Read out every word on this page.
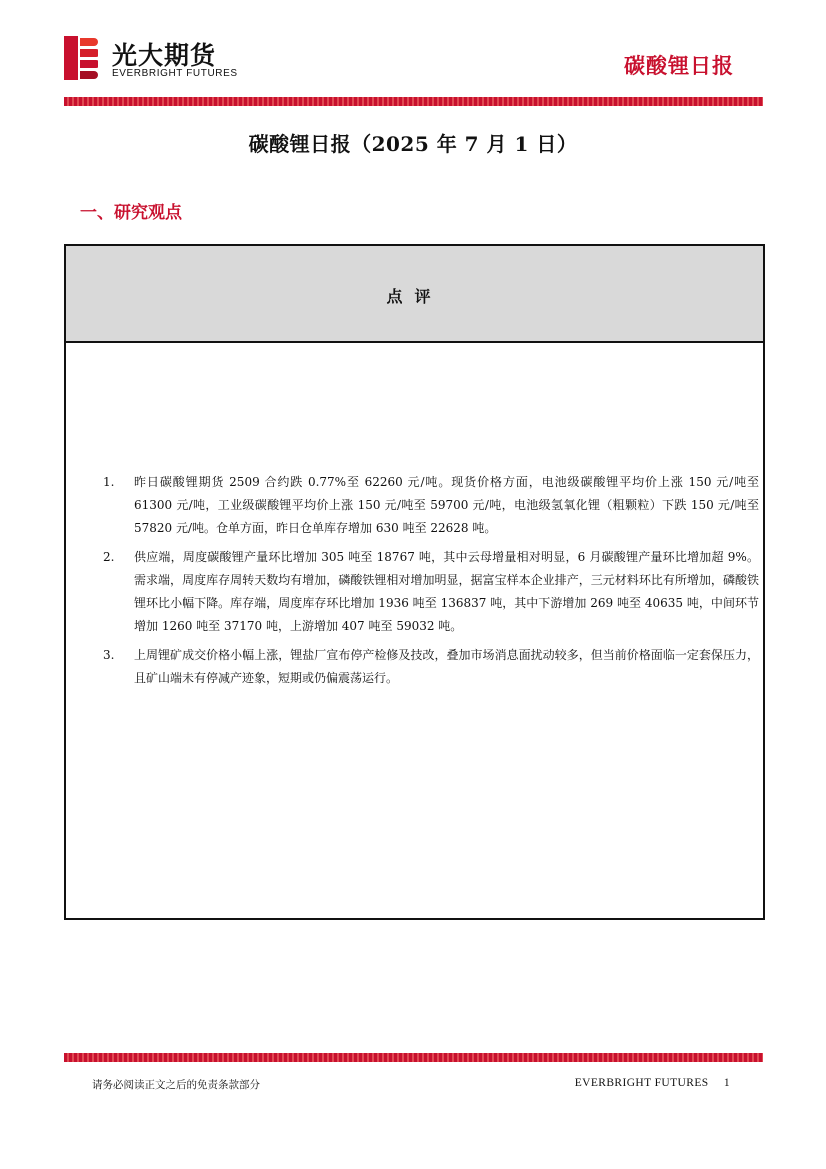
光大期货
EVERBRIGHT FUTURES	碳酸锂日报
碳酸锂日报（2025 年 7 月 1 日）
一、研究观点
点评
1. 昨日碳酸锂期货 2509 合约跌 0.77%至 62260 元/吨。现货价格方面，电池级碳酸锂平均价上涨 150 元/吨至 61300 元/吨，工业级碳酸锂平均价上涨 150 元/吨至 59700 元/吨，电池级氢氧化锂（粗颗粒）下跌 150 元/吨至 57820 元/吨。仓单方面，昨日仓单库存增加 630 吨至 22628 吨。
2. 供应端，周度碳酸锂产量环比增加 305 吨至 18767 吨，其中云母增量相对明显，6 月碳酸锂产量环比增加超 9%。需求端，周度库存周转天数均有增加，磷酸铁锂相对增加明显，据富宝样本企业排产，三元材料环比有所增加，磷酸铁锂环比小幅下降。库存端，周度库存环比增加 1936 吨至 136837 吨，其中下游增加 269 吨至 40635 吨，中间环节增加 1260 吨至 37170 吨，上游增加 407 吨至 59032 吨。
3. 上周锂矿成交价格小幅上涨，锂盐厂宣布停产检修及技改，叠加市场消息面扰动较多，但当前价格面临一定套保压力，且矿山端未有停减产迹象，短期或仍偏震荡运行。
请务必阅读正文之后的免责条款部分	EVERBRIGHT FUTURES 1
